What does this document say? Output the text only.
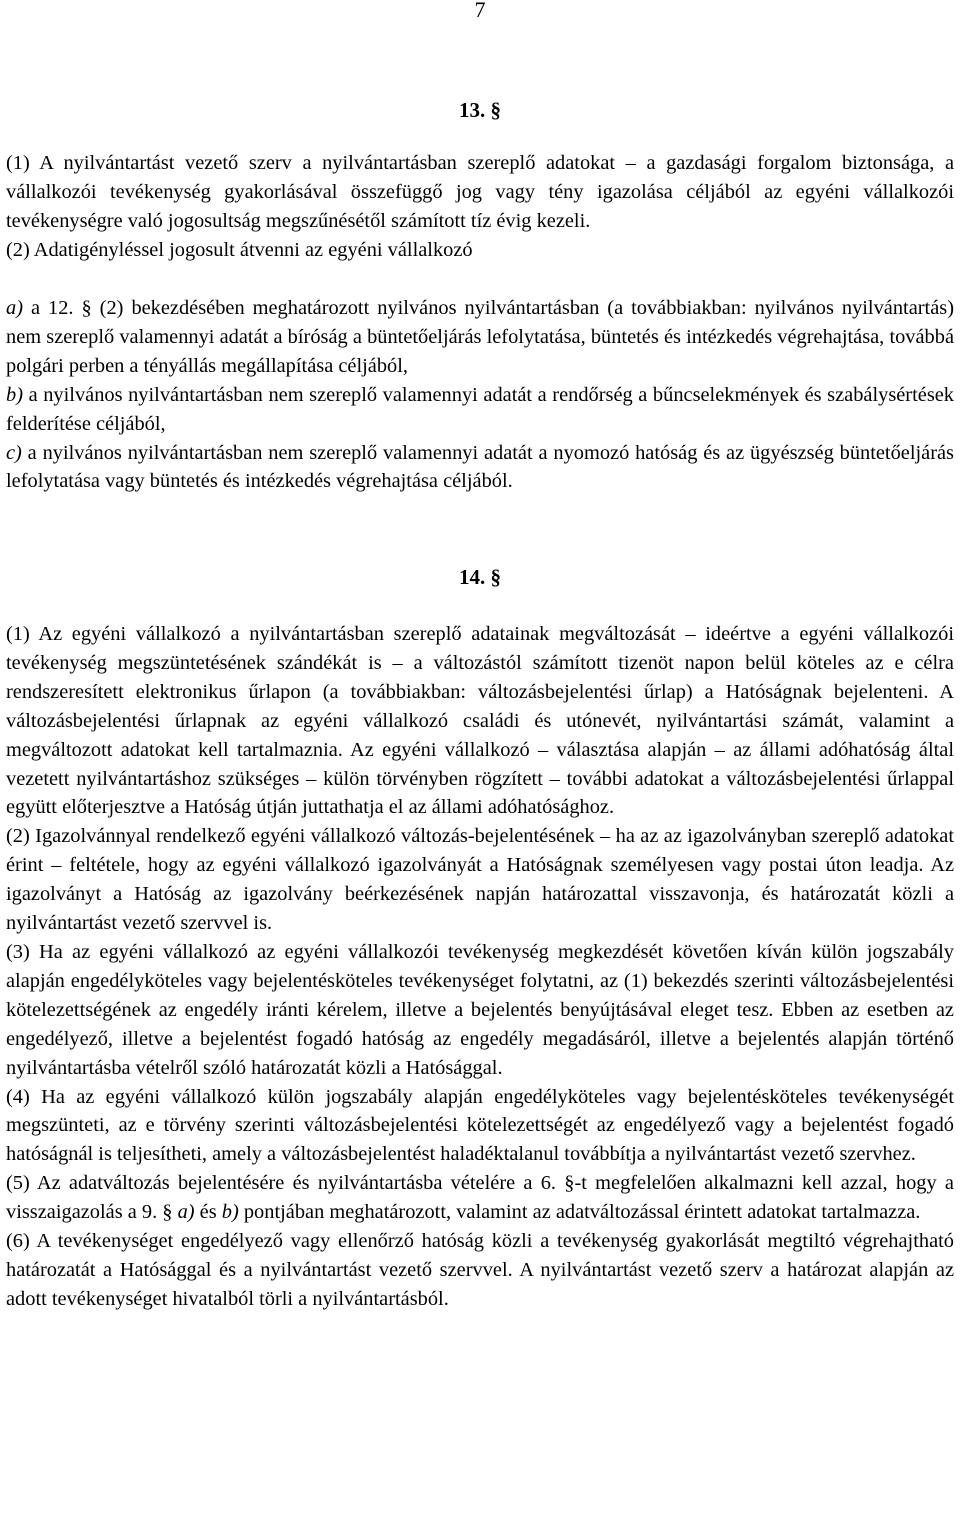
7
13. §

(1) A nyilvántartást vezető szerv a nyilvántartásban szereplő adatokat – a gazdasági forgalom biztonsága, a vállalkozói tevékenység gyakorlásával összefüggő jog vagy tény igazolása céljából az egyéni vállalkozói tevékenységre való jogosultság megszűnésétől számított tíz évig kezeli.

(2) Adatigényléssel jogosult átvenni az egyéni vállalkozó

a) a 12. § (2) bekezdésében meghatározott nyilvános nyilvántartásban (a továbbiakban: nyilvános nyilvántartás) nem szereplő valamennyi adatát a bíróság a büntetőeljárás lefolytatása, büntetés és intézkedés végrehajtása, továbbá polgári perben a tényállás megállapítása céljából,

b) a nyilvános nyilvántartásban nem szereplő valamennyi adatát a rendőrség a bűncselekmények és szabálysértések felderítése céljából,

c) a nyilvános nyilvántartásban nem szereplő valamennyi adatát a nyomozó hatóság és az ügyészség büntetőeljárás lefolytatása vagy büntetés és intézkedés végrehajtása céljából.

14. §

(1) Az egyéni vállalkozó a nyilvántartásban szereplő adatainak megváltozását – ideértve a egyéni vállalkozói tevékenység megszüntetésének szándékát is – a változástól számított tizenöt napon belül köteles az e célra rendszeresített elektronikus űrlapon (a továbbiakban: változásbejelentési űrlap) a Hatóságnak bejelenteni. A változásbejelentési űrlapnak az egyéni vállalkozó családi és utónevét, nyilvántartási számát, valamint a megváltozott adatokat kell tartalmaznia. Az egyéni vállalkozó – választása alapján – az állami adóhatóság által vezetett nyilvántartáshoz szükséges – külön törvényben rögzített – további adatokat a változásbejelentési űrlappal együtt előterjesztve a Hatóság útján juttathatja el az állami adóhatósághoz.

(2) Igazolvánnyal rendelkező egyéni vállalkozó változás-bejelentésének – ha az az igazolványban szereplő adatokat érint – feltétele, hogy az egyéni vállalkozó igazolványát a Hatóságnak személyesen vagy postai úton leadja. Az igazolványt a Hatóság az igazolvány beérkezésének napján határozattal visszavonja, és határozatát közli a nyilvántartást vezető szervvel is.

(3) Ha az egyéni vállalkozó az egyéni vállalkozói tevékenység megkezdését követően kíván külön jogszabály alapján engedélyköteles vagy bejelentésköteles tevékenységet folytatni, az (1) bekezdés szerinti változásbejelentési kötelezettségének az engedély iránti kérelem, illetve a bejelentés benyújtásával eleget tesz. Ebben az esetben az engedélyező, illetve a bejelentést fogadó hatóság az engedély megadásáról, illetve a bejelentés alapján történő nyilvántartásba vételről szóló határozatát közli a Hatósággal.

(4) Ha az egyéni vállalkozó külön jogszabály alapján engedélyköteles vagy bejelentésköteles tevékenységét megszünteti, az e törvény szerinti változásbejelentési kötelezettségét az engedélyező vagy a bejelentést fogadó hatóságnál is teljesítheti, amely a változásbejelentést haladéktalanul továbbítja a nyilvántartást vezető szervhez.

(5) Az adatváltozás bejelentésére és nyilvántartásba vételére a 6. §-t megfelelően alkalmazni kell azzal, hogy a visszaigazolás a 9. § a) és b) pontjában meghatározott, valamint az adatváltozással érintett adatokat tartalmazza.

(6) A tevékenységet engedélyező vagy ellenőrző hatóság közli a tevékenység gyakorlását megtiltó végrehajtható határozatát a Hatósággal és a nyilvántartást vezető szervvel. A nyilvántartást vezető szerv a határozat alapján az adott tevékenységet hivatalból törli a nyilvántartásból.
